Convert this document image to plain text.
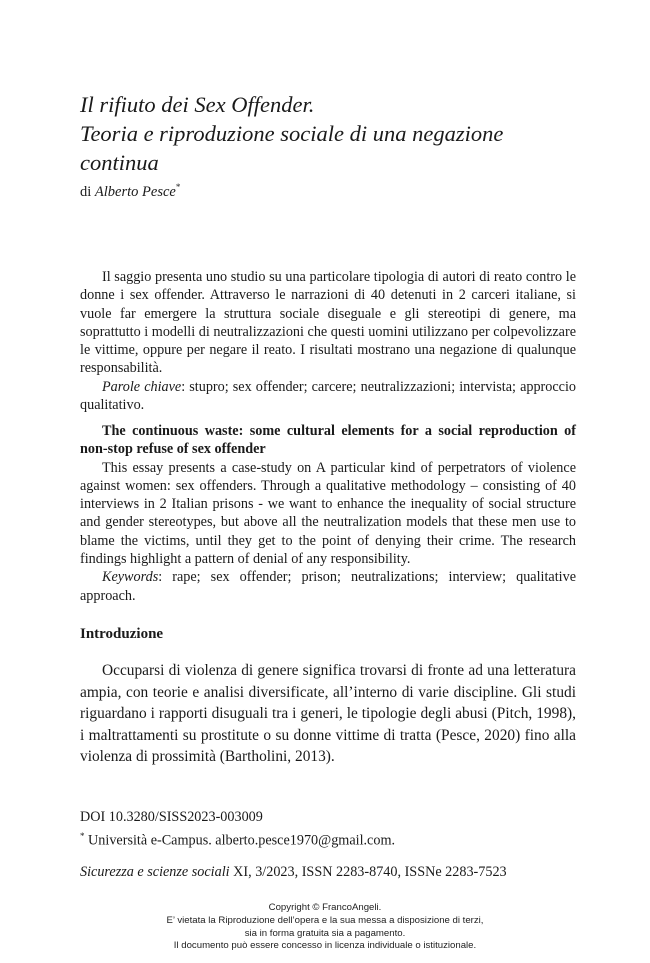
Il rifiuto dei Sex Offender.
Teoria e riproduzione sociale di una negazione
continua
di Alberto Pesce*

Il saggio presenta uno studio su una particolare tipologia di autori di reato contro le donne i sex offender. Attraverso le narrazioni di 40 detenuti in 2 carceri italiane, si vuole far emergere la struttura sociale diseguale e gli stereotipi di genere, ma soprattutto i modelli di neutralizzazioni che questi uomini utilizzano per colpevolizzare le vittime, oppure per negare il reato. I risultati mostrano una negazione di qualunque responsabilità.

Parole chiave: stupro; sex offender; carcere; neutralizzazioni; intervista; approccio qualitativo.

The continuous waste: some cultural elements for a social reproduction of non-stop refuse of sex offender

This essay presents a case-study on A particular kind of perpetrators of violence against women: sex offenders. Through a qualitative methodology – consisting of 40 interviews in 2 Italian prisons - we want to enhance the inequality of social structure and gender stereotypes, but above all the neutralization models that these men use to blame the victims, until they get to the point of denying their crime. The research findings highlight a pattern of denial of any responsibility.

Keywords: rape; sex offender; prison; neutralizations; interview; qualitative approach.

Introduzione

Occuparsi di violenza di genere significa trovarsi di fronte ad una letteratura ampia, con teorie e analisi diversificate, all’interno di varie discipline. Gli studi riguardano i rapporti disuguali tra i generi, le tipologie degli abusi (Pitch, 1998), i maltrattamenti su prostitute o su donne vittime di tratta (Pesce, 2020) fino alla violenza di prossimità (Bartholini, 2013).

DOI 10.3280/SISS2023-003009
* Università e-Campus. alberto.pesce1970@gmail.com.
Sicurezza e scienze sociali XI, 3/2023, ISSN 2283-8740, ISSNe 2283-7523
Copyright © FrancoAngeli.
E’ vietata la Riproduzione dell’opera e la sua messa a disposizione di terzi,
sia in forma gratuita sia a pagamento.
Il documento può essere concesso in licenza individuale o istituzionale.
